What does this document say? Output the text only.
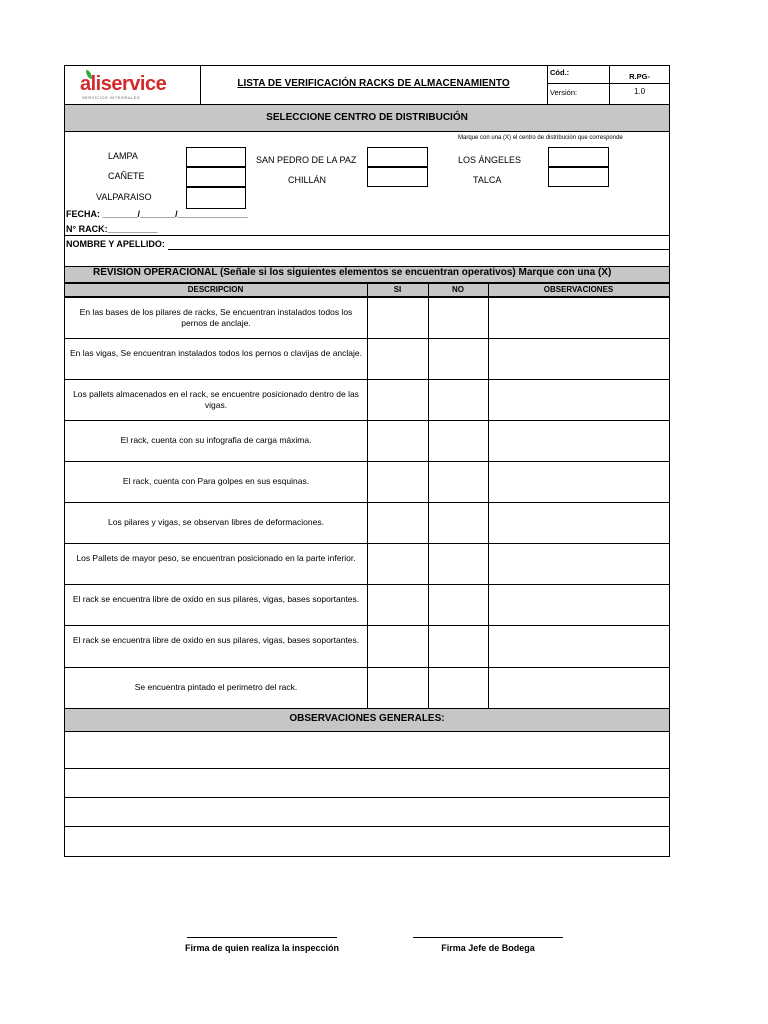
aliservice
SERVICIOS INTEGRALES
LISTA DE VERIFICACIÓN RACKS DE ALMACENAMIENTO
Cód.:	R.PG-
Versión:	1.0
SELECCIONE CENTRO DE DISTRIBUCIÓN
Marque con una (X) el centro de distribución que corresponde
LAMPA
CAÑETE
VALPARAISO
SAN PEDRO DE LA PAZ
CHILLÁN
LOS ÁNGELES
TALCA
FECHA: _______/_______/______________
N° RACK:__________
NOMBRE Y APELLIDO:
REVISION OPERACIONAL (Señale si los siguientes elementos se encuentran operativos) Marque con una (X)
DESCRIPCION	SI	NO	OBSERVACIONES
En las bases de los pilares de racks, Se encuentran instalados todos los pernos de anclaje.
En las vigas, Se encuentran instalados todos los pernos o clavijas de anclaje.
Los pallets almacenados en el rack, se encuentre posicionado dentro de las vigas.
El rack, cuenta con su infografia de carga máxima.
El rack, cuenta con Para golpes en sus esquinas.
Los pilares y vigas, se observan libres de deformaciones.
Los Pallets de mayor peso, se encuentran posicionado en la parte inferior.
El rack se encuentra libre de oxido en sus pilares, vigas, bases soportantes.
El rack se encuentra libre de oxido en sus pilares, vigas, bases soportantes.
Se encuentra pintado el perimetro del rack.
OBSERVACIONES GENERALES:
Firma de quien realiza la inspección	Firma Jefe de Bodega
